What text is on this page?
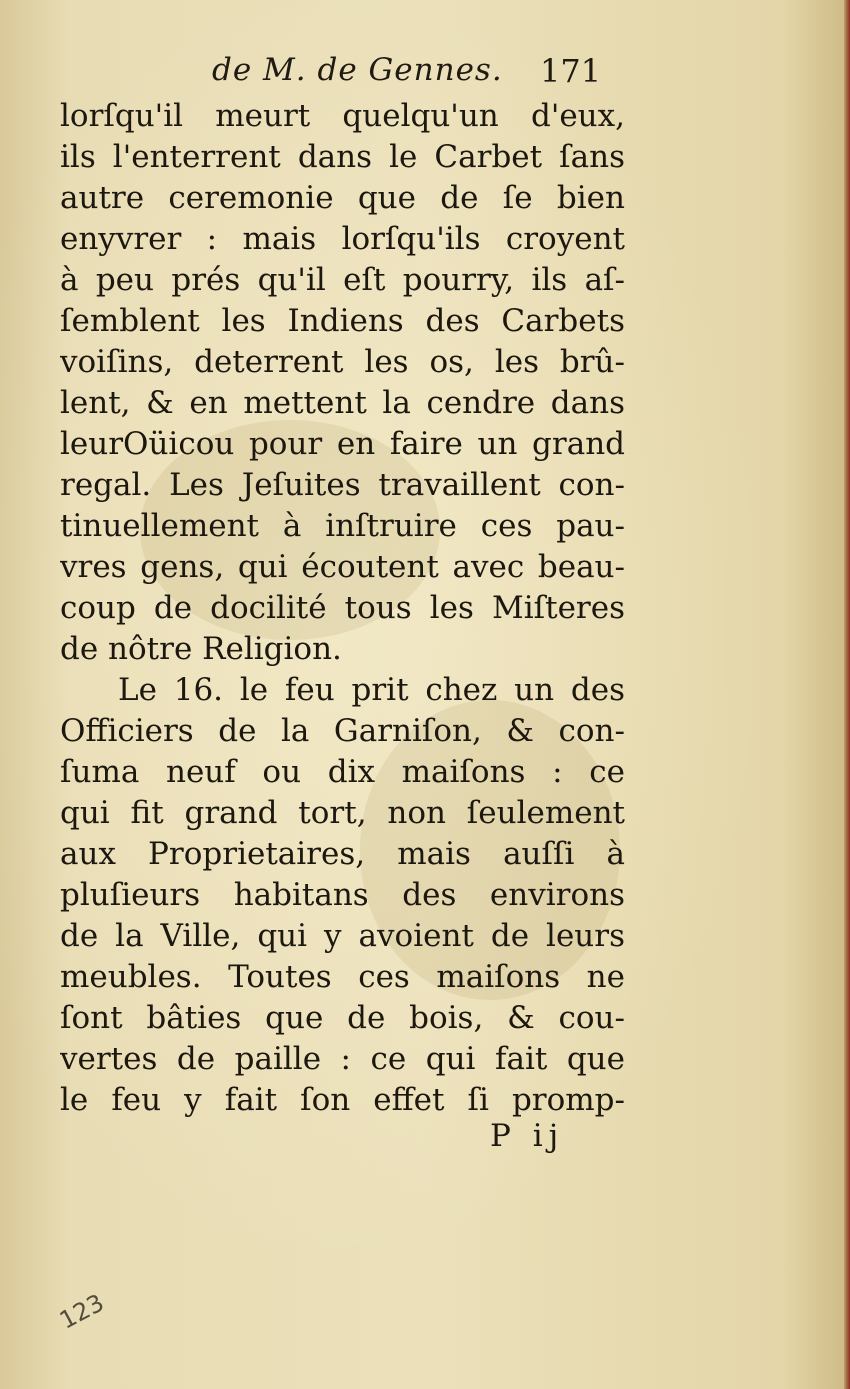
de M. de Gennes. 171
lorſqu'il meurt quelqu'un d'eux,
ils l'enterrent dans le Carbet ſans
autre ceremonie que de ſe bien
enyvrer : mais lorſqu'ils croyent
à peu prés qu'il eſt pourry, ils aſ-
ſemblent les Indiens des Carbets
voiſins, deterrent les os, les brû-
lent, & en mettent la cendre dans
leurOüicou pour en faire un grand
regal. Les Jeſuites travaillent con-
tinuellement à inſtruire ces pau-
vres gens, qui écoutent avec beau-
coup de docilité tous les Miſteres
de nôtre Religion.
Le 16. le feu prit chez un des
Officiers de la Garniſon, & con-
ſuma neuf ou dix maiſons : ce
qui fit grand tort, non ſeulement
aux Proprietaires, mais auſſi à
pluſieurs habitans des environs
de la Ville, qui y avoient de leurs
meubles. Toutes ces maiſons ne
ſont bâties que de bois, & cou-
vertes de paille : ce qui fait que
le feu y fait ſon effet ſi promp-
P ij
123
